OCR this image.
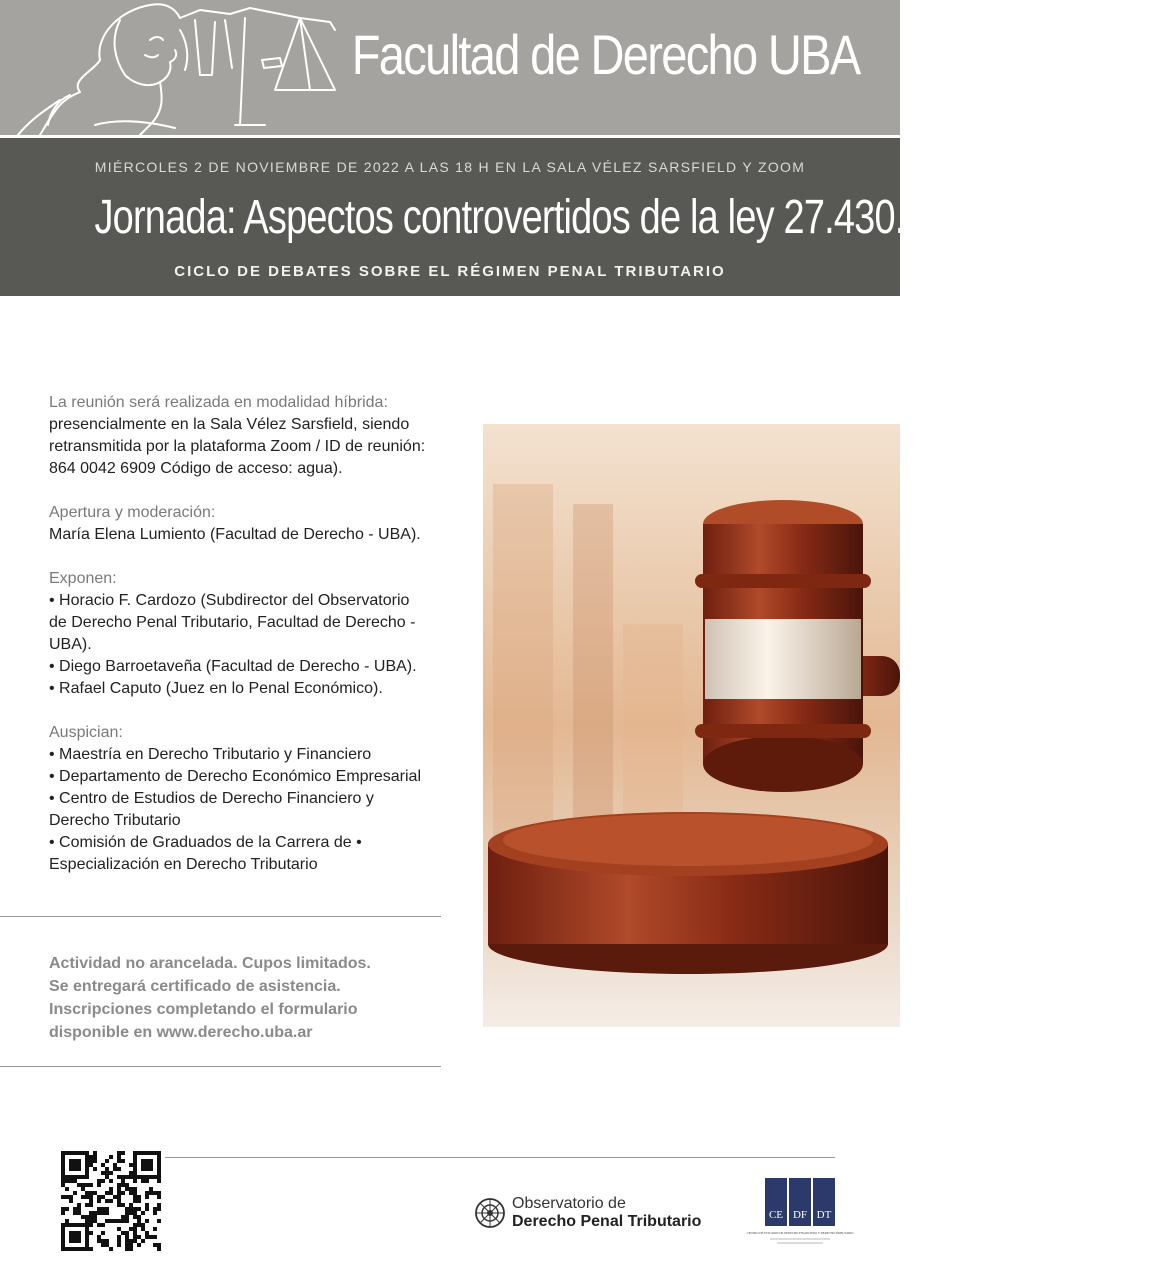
Facultad de Derecho UBA
MIÉRCOLES 2 DE NOVIEMBRE DE 2022 A LAS 18 H EN LA SALA VÉLEZ SARSFIELD Y ZOOM
Jornada: Aspectos controvertidos de la ley 27.430. Jurisprudencia
CICLO DE DEBATES SOBRE EL RÉGIMEN PENAL TRIBUTARIO

La reunión será realizada en modalidad híbrida:
presencialmente en la Sala Vélez Sarsfield, siendo
retransmitida por la plataforma Zoom / ID de reunión:
864 0042 6909 Código de acceso: agua).

Apertura y moderación:
María Elena Lumiento (Facultad de Derecho - UBA).

Exponen:
• Horacio F. Cardozo (Subdirector del Observatorio
de Derecho Penal Tributario, Facultad de Derecho -
UBA).
• Diego Barroetaveña (Facultad de Derecho - UBA).
• Rafael Caputo (Juez en lo Penal Económico).

Auspician:
• Maestría en Derecho Tributario y Financiero
• Departamento de Derecho Económico Empresarial
• Centro de Estudios de Derecho Financiero y
Derecho Tributario
• Comisión de Graduados de la Carrera de •
Especialización en Derecho Tributario

Actividad no arancelada. Cupos limitados.
Se entregará certificado de asistencia.
Inscripciones completando el formulario
disponible en www.derecho.uba.ar
Observatorio de
Derecho Penal Tributario	CE DF DT
CENTRO DE ESTUDIOS DE DERECHO FINANCIERO Y DERECHO TRIBUTARIO
